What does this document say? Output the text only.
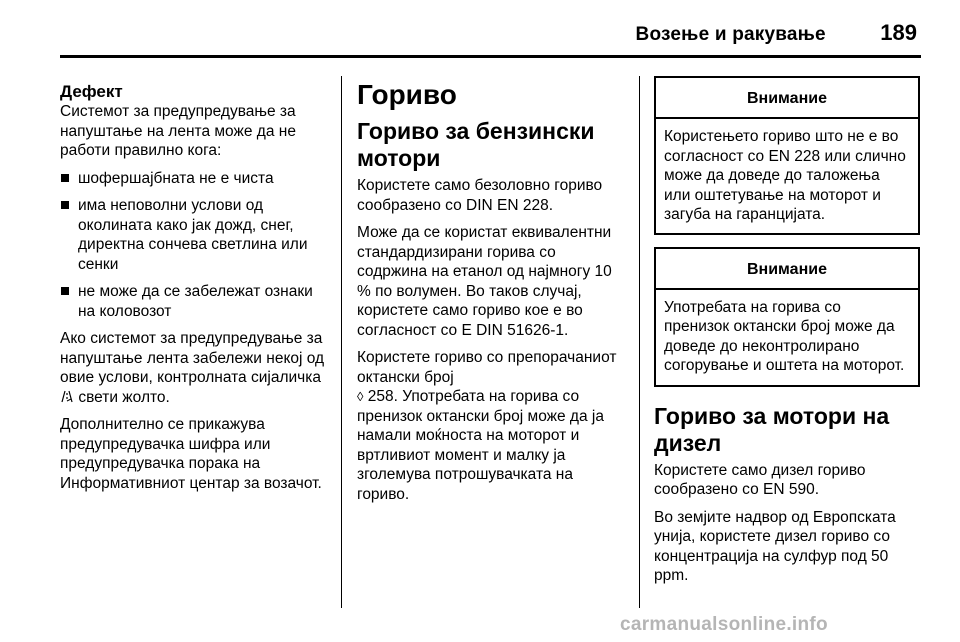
Возење и ракување 189
Дефект

Системот за предупредување за напуштање на лента може да не работи правилно кога:

шофершајбната не е чиста
има неповолни услови од околината како јак дожд, снег, директна сончева светлина или сенки
не може да се забележат ознаки на коловозот

Ако системот за предупредување за напуштање лента забележи некој од овие услови, контролната сијаличка  свети жолто.

Дополнително се прикажува предупредувачка шифра или предупредувачка порака на Информативниот центар за возачот.

Гориво
Гориво за бензински мотори

Користете само безоловно гориво сообразено со DIN EN 228.

Може да се користат еквивалентни стандардизирани горива со содржина на етанол од најмногу 10 % по волумен. Во таков случај, користете само гориво кое е во согласност со E DIN 51626-1.

Користете гориво со препорачаниот октански број
◊ 258. Употребата на горива со пренизок октански број може да ја намали моќноста на моторот и вртливиот момент и малку ја зголемува потрошувачката на гориво.

Внимание
Користењето гориво што не е во согласност со EN 228 или слично може да доведе до таложења или оштетување на моторот и загуба на гаранцијата.
Внимание
Употребата на горива со пренизок октански број може да доведе до неконтролирано согорување и оштета на моторот.
Гориво за мотори на дизел

Користете само дизел гориво сообразено со EN 590.

Во земјите надвор од Европската унија, користете дизел гориво со концентрација на сулфур под 50 ppm.

carmanualsonline.info
